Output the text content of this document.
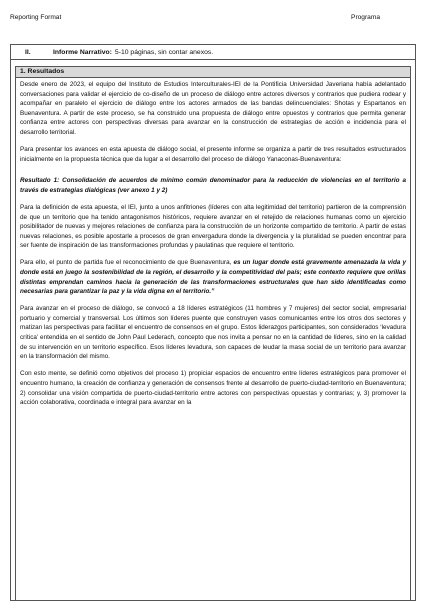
Reporting Format	Programa
II.	Informe Narrativo: 5-10 páginas, sin contar anexos.
1. Resultados

Desde enero de 2023, el equipo del Instituto de Estudios Interculturales-IEI de la Pontificia Universidad Javeriana había adelantado conversaciones para validar el ejercicio de co-diseño de un proceso de diálogo entre actores diversos y contrarios que pudiera rodear y acompañar en paralelo el ejercicio de diálogo entre los actores armados de las bandas delincuenciales: Shotas y Espartanos en Buenaventura. A partir de este proceso, se ha construido una propuesta de diálogo entre opuestos y contrarios que permita generar confianza entre actores con perspectivas diversas para avanzar en la construcción de estrategias de acción e incidencia para el desarrollo territorial.

Para presentar los avances en esta apuesta de diálogo social, el presente informe se organiza a partir de tres resultados estructurados inicialmente en la propuesta técnica que da lugar a el desarrollo del proceso de diálogo Yanaconas-Buenaventura:

Resultado 1: Consolidación de acuerdos de mínimo común denominador para la reducción de violencias en el territorio a través de estrategias dialógicas (ver anexo 1 y 2)

Para la definición de esta apuesta, el IEI, junto a unos anfitriones (líderes con alta legitimidad del territorio) partieron de la comprensión de que un territorio que ha tenido antagonismos históricos, requiere avanzar en el retejido de relaciones humanas como un ejercicio posibilitador de nuevas y mejores relaciones de confianza para la construcción de un horizonte compartido de territorio. A partir de estas nuevas relaciones, es posible apostarle a procesos de gran envergadura donde la divergencia y la pluralidad se pueden encontrar para ser fuente de inspiración de las transformaciones profundas y paulatinas que requiere el territorio.

Para ello, el punto de partida fue el reconocimiento de que Buenaventura, es un lugar donde está gravemente amenazada la vida y donde está en juego la sostenibilidad de la región, el desarrollo y la competitividad del país; este contexto requiere que orillas distintas emprendan caminos hacia la generación de las transformaciones estructurales que han sido identificadas como necesarias para garantizar la paz y la vida digna en el territorio.”

Para avanzar en el proceso de diálogo, se convocó a 18 líderes estratégicos (11 hombres y 7 mujeres) del sector social, empresarial portuario y comercial y transversal. Los últimos son líderes puente que construyen vasos comunicantes entre los otros dos sectores y matizan las perspectivas para facilitar el encuentro de consensos en el grupo. Estos liderazgos participantes, son considerados ‘levadura crítica’ entendida en el sentido de John Paul Lederach, concepto que nos invita a pensar no en la cantidad de líderes, sino en la calidad de su intervención en un territorio específico. Esos líderes levadura, son capaces de leudar la masa social de un territorio para avanzar en la transformación del mismo.

Con esto mente, se definió como objetivos del proceso 1) propiciar espacios de encuentro entre líderes estratégicos para promover el encuentro humano, la creación de confianza y generación de consensos frente al desarrollo de puerto-ciudad-territorio en Buenaventura; 2) consolidar una visión compartida de puerto-ciudad-territorio entre actores con perspectivas opuestas y contrarias; y, 3) promover la acción colaborativa, coordinada e integral para avanzar en la
